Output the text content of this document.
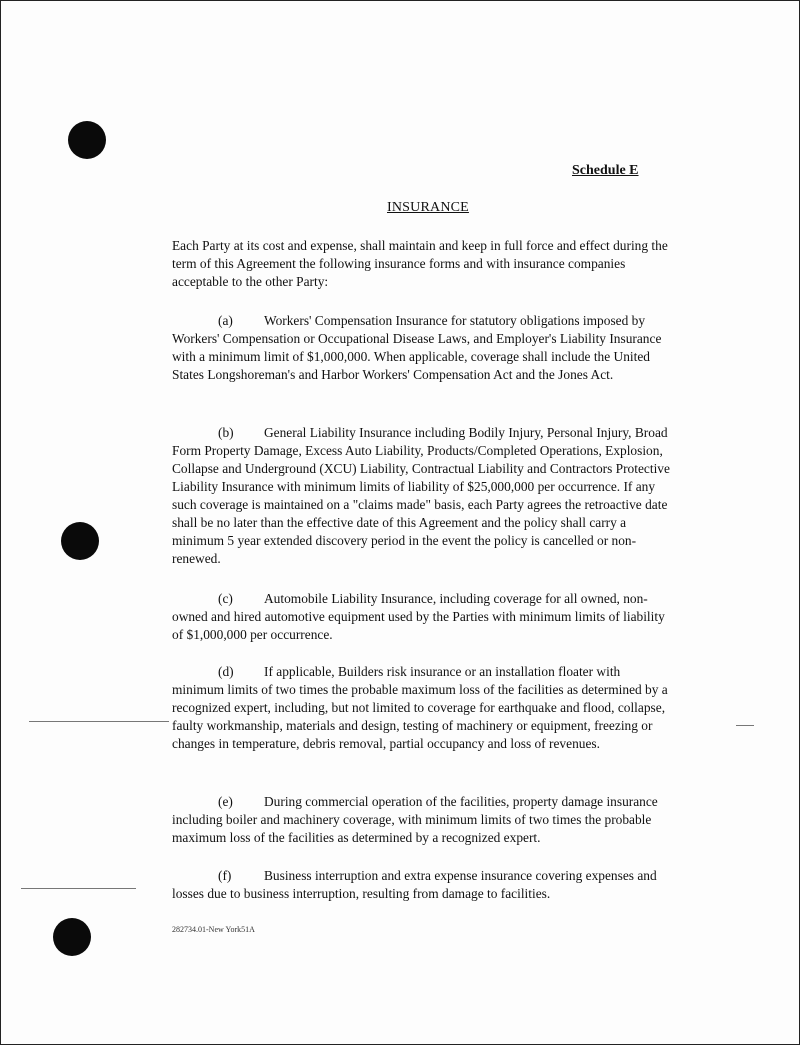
Schedule E
INSURANCE
Each Party at its cost and expense, shall maintain and keep in full force and effect during the term of this Agreement the following insurance forms and with insurance companies acceptable to the other Party:
(a) Workers' Compensation Insurance for statutory obligations imposed by Workers' Compensation or Occupational Disease Laws, and Employer's Liability Insurance with a minimum limit of $1,000,000. When applicable, coverage shall include the United States Longshoreman's and Harbor Workers' Compensation Act and the Jones Act.
(b) General Liability Insurance including Bodily Injury, Personal Injury, Broad Form Property Damage, Excess Auto Liability, Products/Completed Operations, Explosion, Collapse and Underground (XCU) Liability, Contractual Liability and Contractors Protective Liability Insurance with minimum limits of liability of $25,000,000 per occurrence. If any such coverage is maintained on a "claims made" basis, each Party agrees the retroactive date shall be no later than the effective date of this Agreement and the policy shall carry a minimum 5 year extended discovery period in the event the policy is cancelled or non-renewed.
(c) Automobile Liability Insurance, including coverage for all owned, non-owned and hired automotive equipment used by the Parties with minimum limits of liability of $1,000,000 per occurrence.
(d) If applicable, Builders risk insurance or an installation floater with minimum limits of two times the probable maximum loss of the facilities as determined by a recognized expert, including, but not limited to coverage for earthquake and flood, collapse, faulty workmanship, materials and design, testing of machinery or equipment, freezing or changes in temperature, debris removal, partial occupancy and loss of revenues.
(e) During commercial operation of the facilities, property damage insurance including boiler and machinery coverage, with minimum limits of two times the probable maximum loss of the facilities as determined by a recognized expert.
(f) Business interruption and extra expense insurance covering expenses and losses due to business interruption, resulting from damage to facilities.
282734.01-New York51A
